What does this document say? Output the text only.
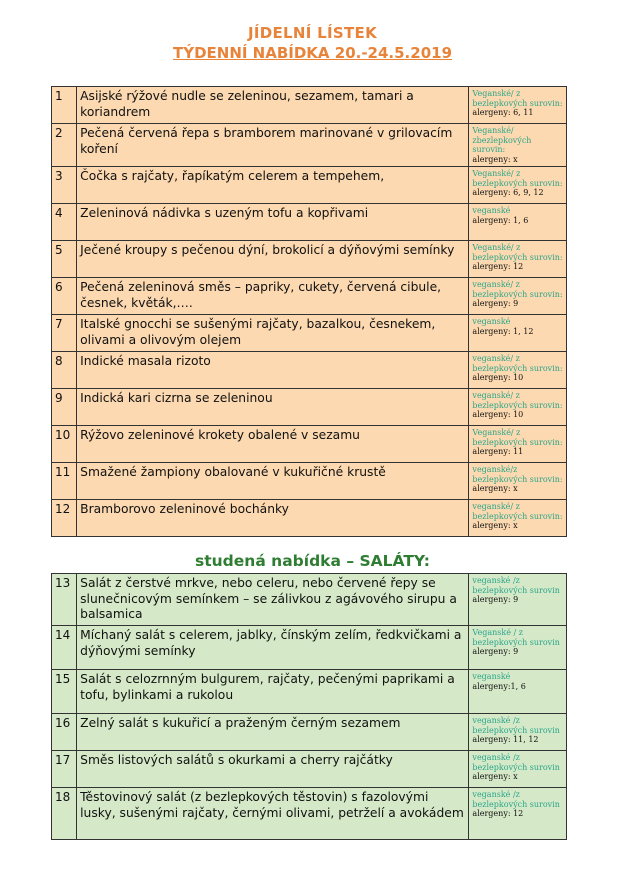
JÍDELNÍ LÍSTEK
TÝDENNÍ NABÍDKA 20.-24.5.2019
1	Asijské rýžové nudle se zeleninou, sezamem, tamari a koriandrem	Veganské/ z bezlepkových surovin:
alergeny: 6, 11

2	Pečená červená řepa s bramborem marinované v grilovacím koření	Veganské/ zbezlepkových surovin:
alergeny: x

3	Čočka s rajčaty, řapíkatým celerem a tempehem,	Veganské/ z bezlepkových surovin:
alergeny: 6, 9, 12

4	Zeleninová nádivka s uzeným tofu a kopřivami	veganské
alergeny: 1, 6

5	Ječené kroupy s pečenou dýní, brokolicí a dýňovými semínky	Veganské/ z bezlepkových surovin:
alergeny: 12

6	Pečená zeleninová směs – papriky, cukety, červená cibule, česnek, květák,….	veganské/ z bezlepkových surovin:
alergeny: 9

7	Italské gnocchi se sušenými rajčaty, bazalkou, česnekem, olivami a olivovým olejem	veganské
alergeny: 1, 12

8	Indické masala rizoto	veganské/ z bezlepkových surovin:
alergeny: 10

9	Indická kari cizrna se zeleninou	veganské/ z bezlepkových surovin:
alergeny: 10

10	Rýžovo zeleninové krokety obalené v sezamu	Veganské/ z bezlepkových surovin:
alergeny: 11

11	Smažené žampiony obalované v kukuřičné krustě	veganské/z bezlepkových surovin:
alergeny: x

12	Bramborovo zeleninové bochánky	veganské/ z bezlepkových surovin:
alergeny: x
studená nabídka – SALÁTY:
13	Salát z čerstvé mrkve, nebo celeru, nebo červené řepy se slunečnicovým semínkem – se zálivkou z agávového sirupu a balsamica	veganské /z bezlepkových surovin
alergeny: 9

14	Míchaný salát s celerem, jablky, čínským zelím, ředkvičkami a dýňovými semínky	Veganské / z bezlepkových surovin
alergeny: 9

15	Salát s celozrnným bulgurem, rajčaty, pečenými paprikami a tofu, bylinkami a rukolou	veganské
alergeny:1, 6

16	Zelný salát s kukuřicí a praženým černým sezamem	veganské /z bezlepkových surovin
alergeny: 11, 12

17	Směs listových salátů s okurkami a cherry rajčátky	veganské /z bezlepkových surovin
alergeny: x

18	Těstovinový salát (z bezlepkových těstovin) s fazolovými lusky, sušenými rajčaty, černými olivami, petrželí a avokádem	veganské /z bezlepkových surovin
alergeny: 12
